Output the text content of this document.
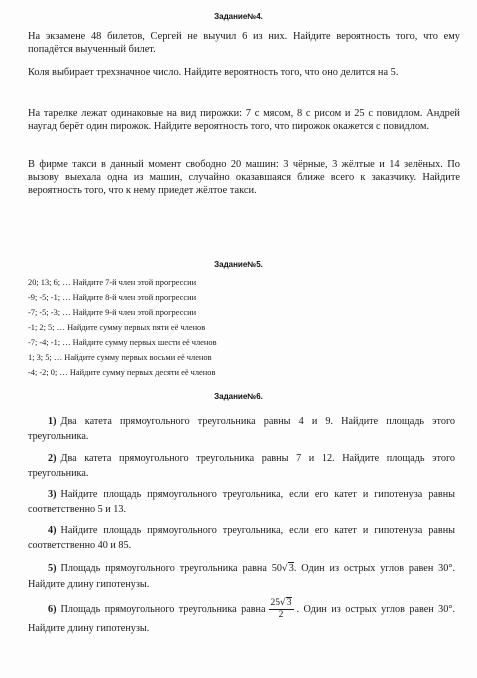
Задание№4.
На экзамене 48 билетов, Сергей не выучил 6 из них. Найдите вероятность того, что ему попадётся выученный билет.
Коля выбирает трехзначное число. Найдите вероятность того, что оно делится на 5.
На тарелке лежат одинаковые на вид пирожки: 7 с мясом, 8 с рисом и 25 с повидлом. Андрей наугад берёт один пирожок. Найдите вероятность того, что пирожок окажется с повидлом.
В фирме такси в данный момент свободно 20 машин: 3 чёрные, 3 жёлтые и 14 зелёных. По вызову выехала одна из машин, случайно оказавшаяся ближе всего к заказчику. Найдите вероятность того, что к нему приедет жёлтое такси.
Задание№5.
20; 13; 6; … Найдите 7-й член этой прогрессии
-9; -5; -1; … Найдите 8-й член этой прогрессии
-7; -5; -3; … Найдите 9-й член этой прогрессии
-1; 2; 5; … Найдите сумму первых пяти её членов
-7; -4; -1; … Найдите сумму первых шести её членов
1; 3; 5; … Найдите сумму первых восьми её членов
-4; -2; 0; … Найдите сумму первых десяти её членов
Задание№6.
1) Два катета прямоугольного треугольника равны 4 и 9. Найдите площадь этого треугольника.
2) Два катета прямоугольного треугольника равны 7 и 12. Найдите площадь этого треугольника.
3) Найдите площадь прямоугольного треугольника, если его катет и гипотенуза равны соответственно 5 и 13.
4) Найдите площадь прямоугольного треугольника, если его катет и гипотенуза равны соответственно 40 и 85.
5) Площадь прямоугольного треугольника равна 50√3. Один из острых углов равен 30°. Найдите длину гипотенузы.
6) Площадь прямоугольного треугольника равна $\frac{25√3}{2}$ . Один из острых углов равен 30°. Найдите длину гипотенузы.
